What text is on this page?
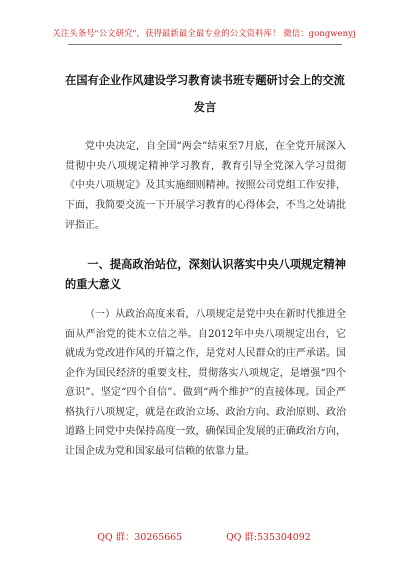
关注头条号"公文研究"，获得最新最全最专业的公文资料库！ 微信：gongwenyj
在国有企业作风建设学习教育读书班专题研讨会上的交流发言
党中央决定，自全国“两会”结束至7月底，在全党开展深入贯彻中央八项规定精神学习教育，教育引导全党深入学习贯彻《中央八项规定》及其实施细则精神。按照公司党组工作安排，下面，我简要交流一下开展学习教育的心得体会，不当之处请批评指正。
一、提高政治站位，深刻认识落实中央八项规定精神的重大意义
（一）从政治高度来看，八项规定是党中央在新时代推进全面从严治党的徙木立信之举。自2012年中央八项规定出台，它就成为党改进作风的开篇之作，是党对人民群众的庄严承诺。国企作为国民经济的重要支柱，贯彻落实八项规定，是增强“四个意识”、坚定“四个自信”、做到“两个维护”的直接体现。国企严格执行八项规定，就是在政治立场、政治方向、政治原则、政治道路上同党中央保持高度一致，确保国企发展的正确政治方向，让国企成为党和国家最可信赖的依靠力量。
QQ 群：30265665	QQ 群:535304092
